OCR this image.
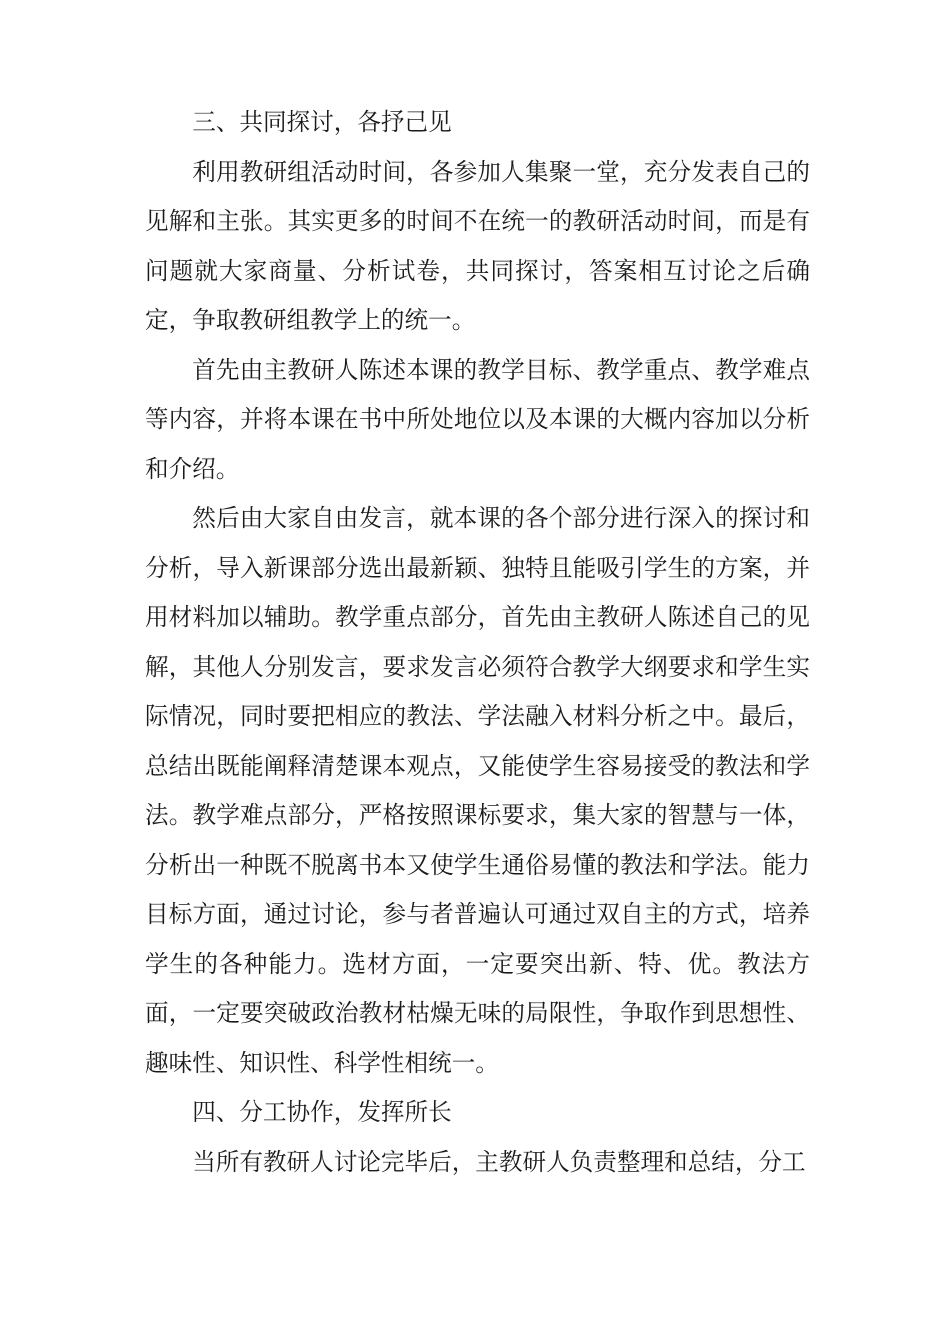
三、共同探讨，各抒己见

利用教研组活动时间，各参加人集聚一堂，充分发表自己的见解和主张。其实更多的时间不在统一的教研活动时间，而是有问题就大家商量、分析试卷，共同探讨，答案相互讨论之后确定，争取教研组教学上的统一。

首先由主教研人陈述本课的教学目标、教学重点、教学难点等内容，并将本课在书中所处地位以及本课的大概内容加以分析和介绍。

然后由大家自由发言，就本课的各个部分进行深入的探讨和分析，导入新课部分选出最新颖、独特且能吸引学生的方案，并用材料加以辅助。教学重点部分，首先由主教研人陈述自己的见解，其他人分别发言，要求发言必须符合教学大纲要求和学生实际情况，同时要把相应的教法、学法融入材料分析之中。最后，总结出既能阐释清楚课本观点，又能使学生容易接受的教法和学法。教学难点部分，严格按照课标要求，集大家的智慧与一体，分析出一种既不脱离书本又使学生通俗易懂的教法和学法。能力目标方面，通过讨论，参与者普遍认可通过双自主的方式，培养学生的各种能力。选材方面，一定要突出新、特、优。教法方面，一定要突破政治教材枯燥无味的局限性，争取作到思想性、趣味性、知识性、科学性相统一。

四、分工协作，发挥所长

当所有教研人讨论完毕后，主教研人负责整理和总结，分工
